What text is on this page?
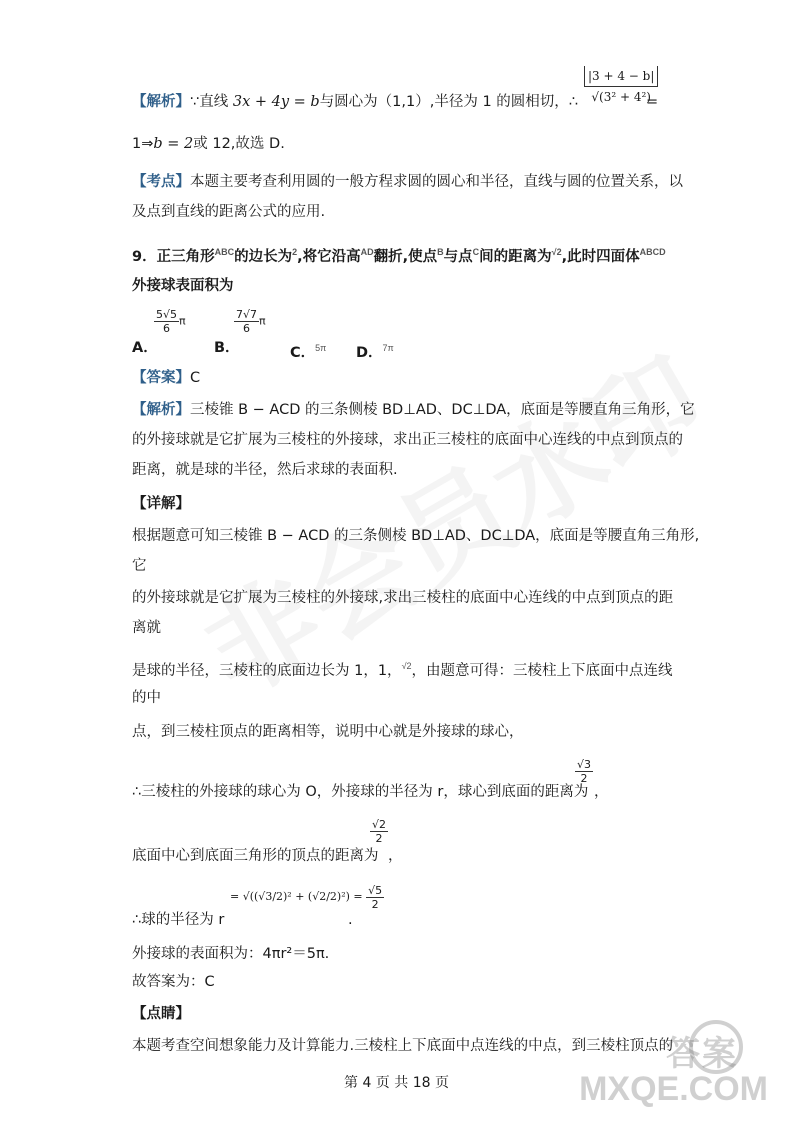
【解析】∵直线 3x + 4y = b与圆心为（1,1）,半径为 1 的圆相切，∴ $\frac{|3 + 4 - b|}{\text{√(3² + 4²)}}$
=
1⇒b = 2或 12,故选 D.
【考点】本题主要考查利用圆的一般方程求圆的圆心和半径，直线与圆的位置关系，以
及点到直线的距离公式的应用.
9．正三角形$^{ABC}$的边长为$^2$,将它沿高$^{AD}$翻折,使点$^B$与点$^C$间的距离为$^{√2}$,此时四面体$^{ABCD}$
外接球表面积为
A．
$\frac{5√5}{6}$ π
B．
$\frac{7√7}{6}$ π
C．$^{5\pi}$ D．$^{7\pi}$
【答案】C
【解析】三棱锥 B − ACD 的三条侧棱 BD⊥AD、DC⊥DA，底面是等腰直角三角形，它
的外接球就是它扩展为三棱柱的外接球，求出正三棱柱的底面中心连线的中点到顶点的
距离，就是球的半径，然后求球的表面积.
【详解】
根据题意可知三棱锥 B − ACD 的三条侧棱 BD⊥AD、DC⊥DA，底面是等腰直角三角形,
它
的外接球就是它扩展为三棱柱的外接球,求出三棱柱的底面中心连线的中点到顶点的距
离就
是球的半径，三棱柱的底面边长为 1，1，$^{√2}$，由题意可得：三棱柱上下底面中点连线
的中
点，到三棱柱顶点的距离相等，说明中心就是外接球的球心，
∴三棱柱的外接球的球心为 O，外接球的半径为 r，球心到底面的距离为
$\frac{√3}{2}$
，
底面中心到底面三角形的顶点的距离为
$\frac{√2}{2}$
，
∴球的半径为 r
= $√((√3/2)^2 + (√2/2)^2) = \frac{√5}{2}$
.
外接球的表面积为：4πr²＝5π.
故答案为：C
【点睛】
本题考查空间想象能力及计算能力.三棱柱上下底面中点连线的中点，到三棱柱顶点的
第 4 页 共 18 页
答案
MXQE.COM
